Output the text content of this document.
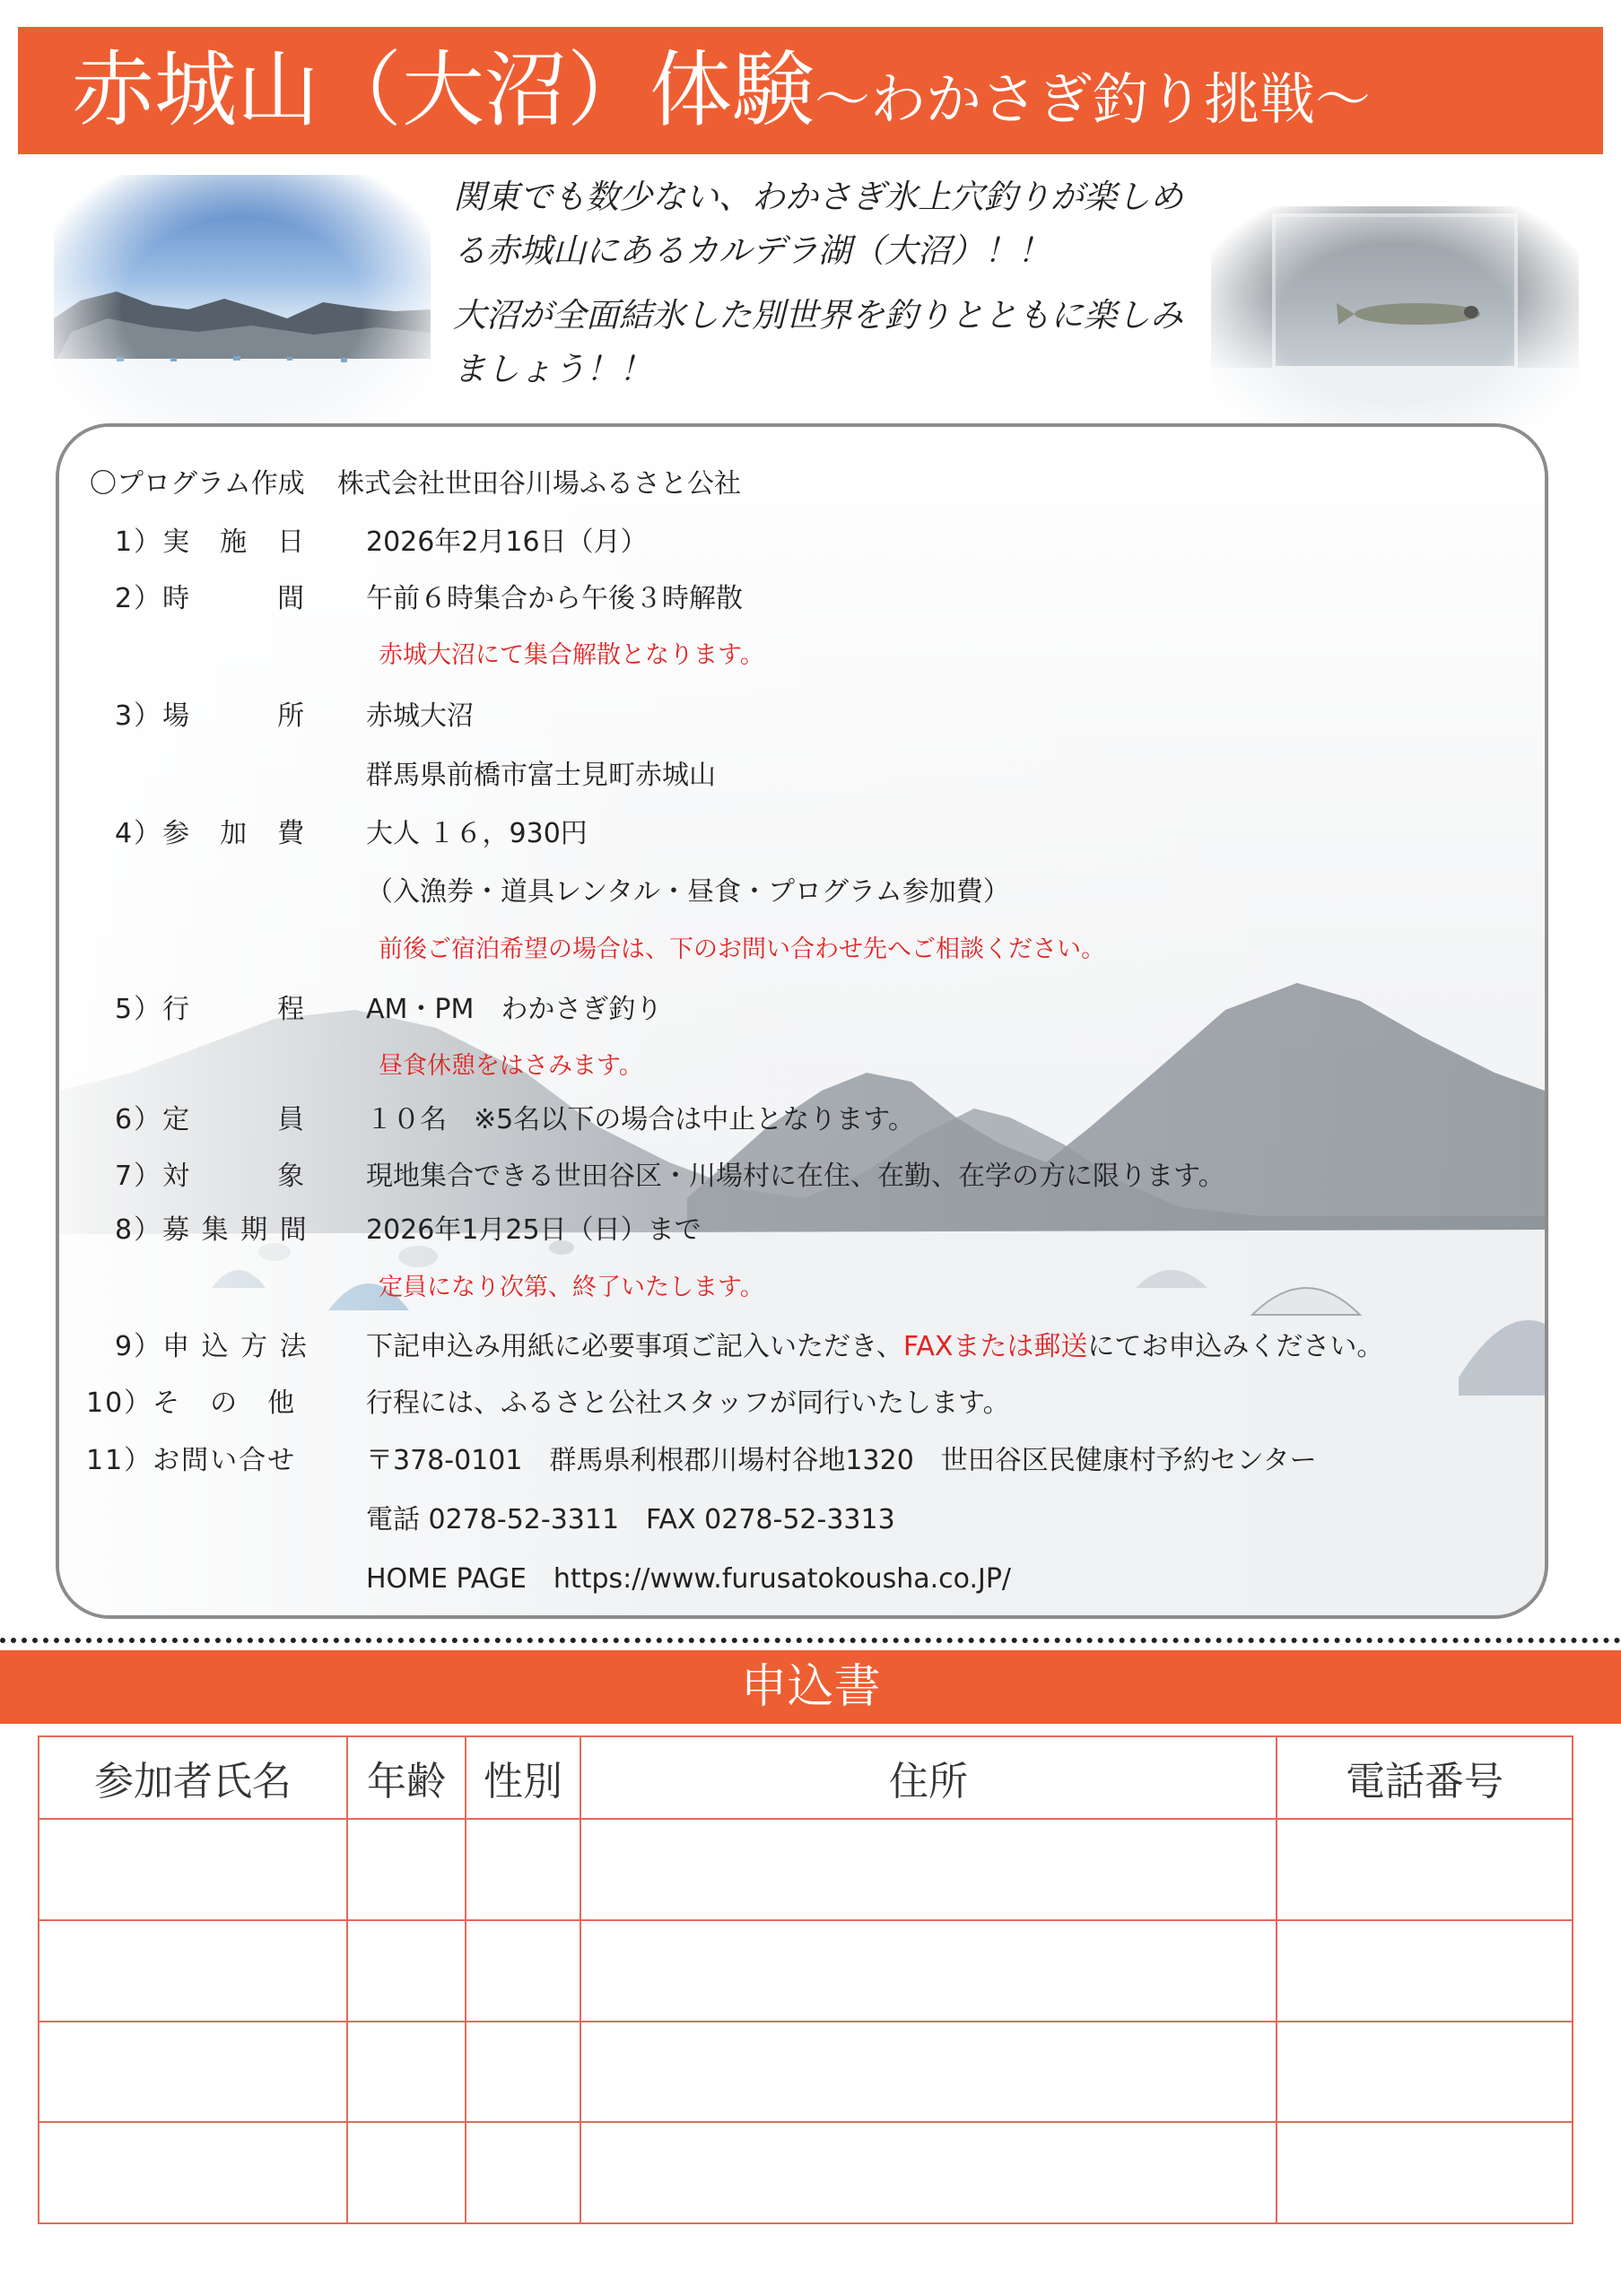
赤城山（大沼）体験～わかさぎ釣り挑戦～

関東でも数少ない、わかさぎ氷上穴釣りが楽しめ
る赤城山にあるカルデラ湖（大沼）！！

大沼が全面結氷した別世界を釣りとともに楽しみ
ましょう！！

〇プログラム作成 株式会社世田谷川場ふるさと公社
1）実　施　日 2026年2月16日（月）
2）時　　　間 午前６時集合から午後３時解散
赤城大沼にて集合解散となります。
3）場　　　所 赤城大沼
群馬県前橋市富士見町赤城山
4）参　加　費 大人 １６，930円
（入漁券・道具レンタル・昼食・プログラム参加費）
前後ご宿泊希望の場合は、下のお問い合わせ先へご相談ください。
5）行　　　程 AM・PM　わかさぎ釣り
昼食休憩をはさみます。
6）定　　　員 １０名　※5名以下の場合は中止となります。
7）対　　　象 現地集合できる世田谷区・川場村に在住、在勤、在学の方に限ります。
8）募 集 期 間 2026年1月25日（日）まで
定員になり次第、終了いたします。
9）申 込 方 法 下記申込み用紙に必要事項ご記入いただき、FAXまたは郵送にてお申込みください。
10）そ　の　他	行程には、ふるさと公社スタッフが同行いたします。
11）お問い合せ	〒378-0101　群馬県利根郡川場村谷地1320　世田谷区民健康村予約センター
電話 0278-52-3311　FAX 0278-52-3313
HOME PAGE　https://www.furusatokousha.co.JP/
申込書
参加者氏名	年齢	性別	住所	電話番号
